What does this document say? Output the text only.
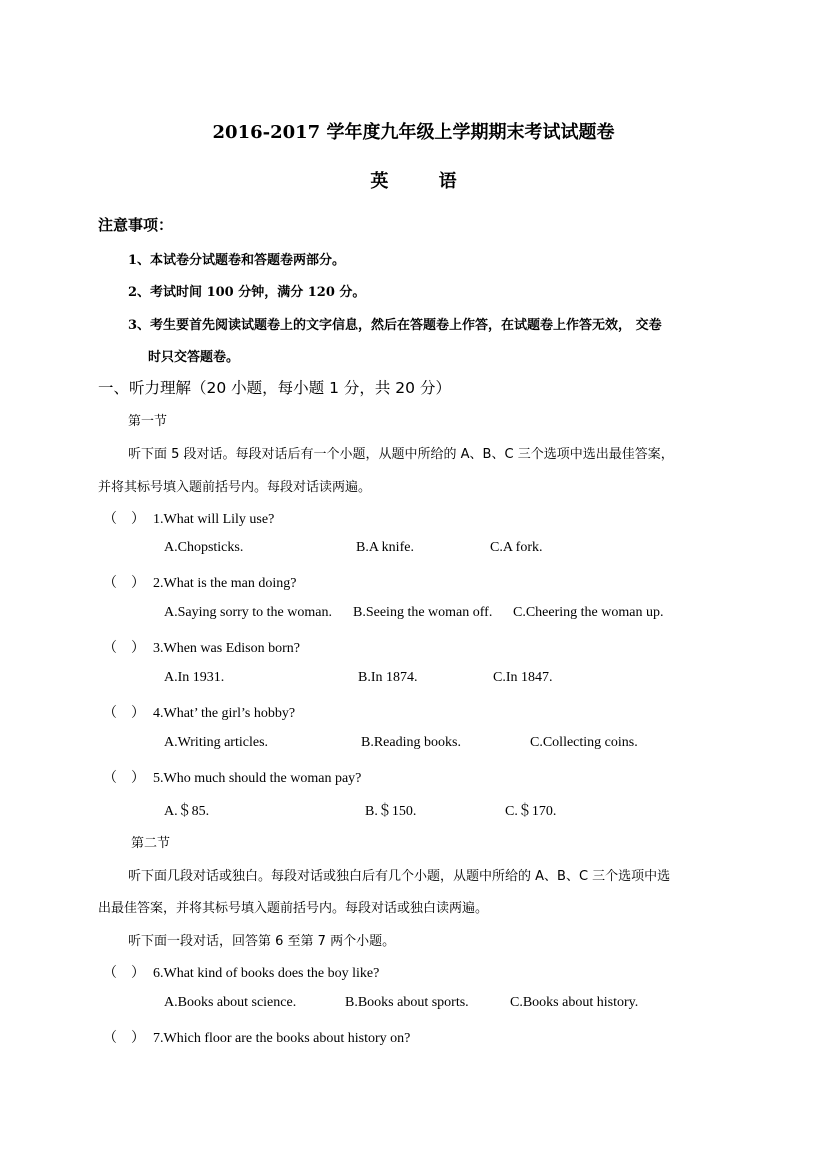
2016-2017 学年度九年级上学期期末考试试题卷
英	语
注意事项：
1、本试卷分试题卷和答题卷两部分。
2、考试时间 100 分钟，满分 120 分。
3、考生要首先阅读试题卷上的文字信息，然后在答题卷上作答，在试题卷上作答无效， 交卷
时只交答题卷。
一、听力理解（20 小题，每小题 1 分，共 20 分）
第一节
听下面 5 段对话。每段对话后有一个小题，从题中所给的 A、B、C 三个选项中选出最佳答案，
并将其标号填入题前括号内。每段对话读两遍。
（　） 1.What will Lily use?
A.Chopsticks.	B.A knife.	C.A fork.
（　） 2.What is the man doing?
A.Saying sorry to the woman. B.Seeing the woman off. C.Cheering the woman up.
（　） 3.When was Edison born?
A.In 1931.	B.In 1874.	C.In 1847.
（　） 4.What’ the girl’s hobby?
A.Writing articles.	B.Reading books.	C.Collecting coins.
（　） 5.Who much should the woman pay?
A.＄85.	B.＄150.	C.＄170.
第二节
听下面几段对话或独白。每段对话或独白后有几个小题，从题中所给的 A、B、C 三个选项中选
出最佳答案，并将其标号填入题前括号内。每段对话或独白读两遍。
听下面一段对话，回答第 6 至第 7 两个小题。
（　） 6.What kind of books does the boy like?
A.Books about science.	B.Books about sports.	C.Books about history.
（　） 7.Which floor are the books about history on?
